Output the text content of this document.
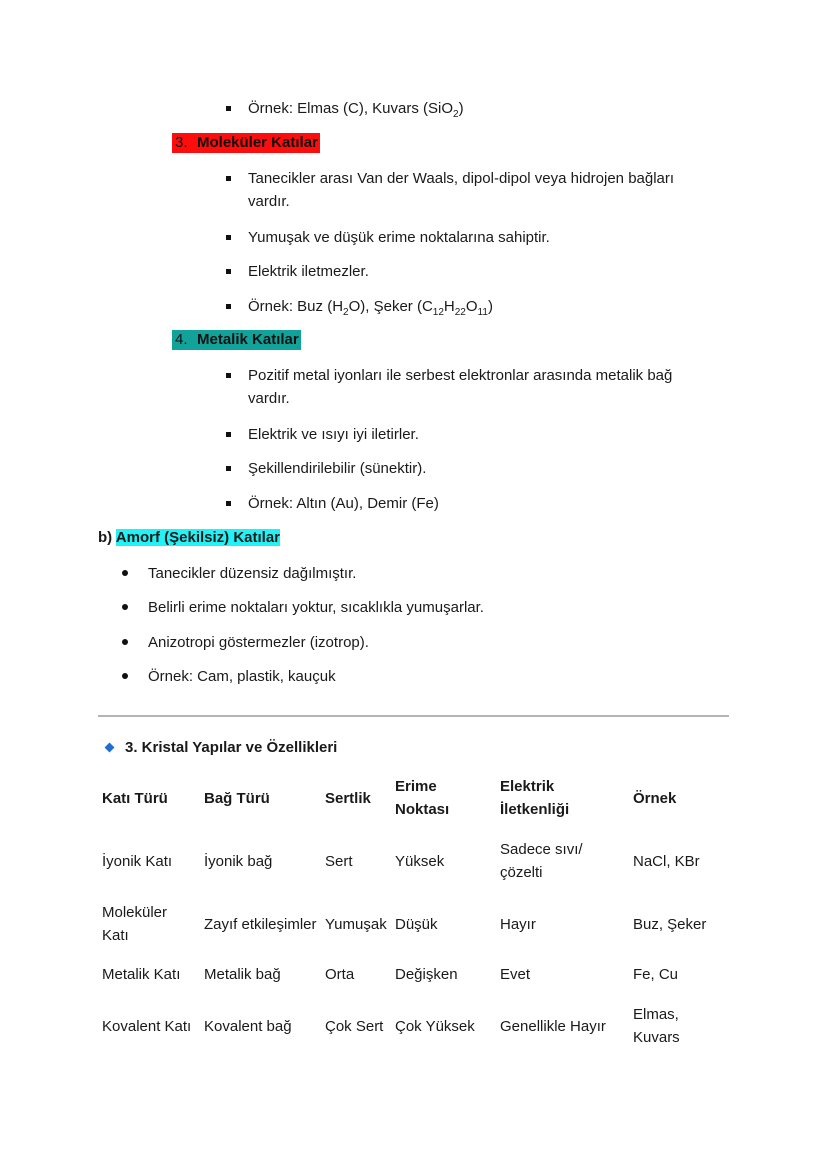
Örnek: Elmas (C), Kuvars (SiO$_2$)
3. Moleküler Katılar
Tanecikler arası Van der Waals, dipol-dipol veya hidrojen bağları vardır.
Yumuşak ve düşük erime noktalarına sahiptir.
Elektrik iletmezler.
Örnek: Buz $(H_2O)$, Şeker $(C_{12}H_{22}O_{11})$
4. Metalik Katılar
Pozitif metal iyonları ile serbest elektronlar arasında metalik bağ vardır.
Elektrik ve ısıyı iyi iletirler.
Şekillendirilebilir (sünektir).
Örnek: Altın (Au), Demir (Fe)
b) Amorf (Şekilsiz) Katılar
Tanecikler düzensiz dağılmıştır.
Belirli erime noktaları yoktur, sıcaklıkla yumuşarlar.
Anizotropi göstermezler (izotrop).
Örnek: Cam, plastik, kauçuk
3. Kristal Yapılar ve Özellikleri
Katı Türü	Bağ Türü	Sertlik	Erime Noktası	Elektrik İletkenliği	Örnek
İyonik Katı	İyonik bağ	Sert	Yüksek	Sadece sıvı/çözelti	NaCl, KBr
Moleküler Katı	Zayıf etkileşimler	Yumuşak	Düşük	Hayır	Buz, Şeker
Metalik Katı	Metalik bağ	Orta	Değişken	Evet	Fe, Cu
Kovalent Katı	Kovalent bağ	Çok Sert	Çok Yüksek	Genellikle Hayır	Elmas, Kuvars
